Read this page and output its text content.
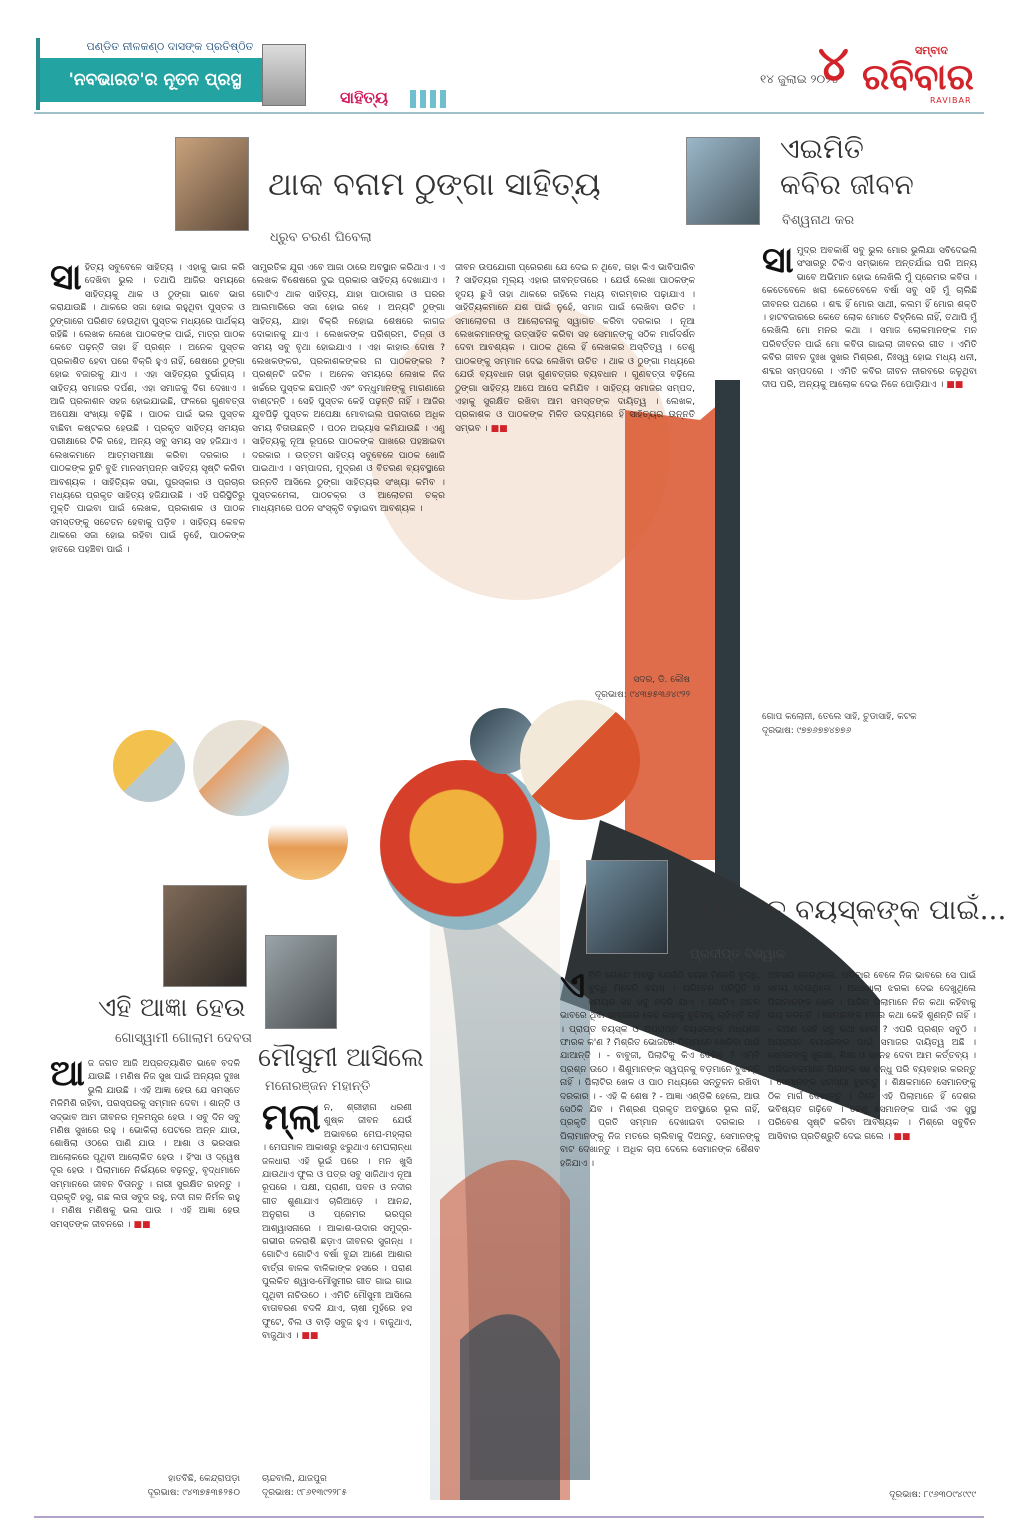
ପଣ୍ଡିତ ନୀଳକଣ୍ଠ ଦାସଙ୍କ ପ୍ରତିଷ୍ଠିତ
'ନବଭାରତ'ର ନୂତନ ପ୍ରସ୍ଥ
ସାହିତ୍ୟ
୧୪ ଜୁଲାଇ ୨୦୨୪
୪	ସମ୍ବାଦ
ରବିବାର
RAVIBAR
ଥାକ ବନାମ ଠୁଙ୍ଗା ସାହିତ୍ୟ
ଧ୍ରୁବ ଚରଣ ଘିବେଲା
ସାହିତ୍ୟ ସବୁବେଳେ ସାହିତ୍ୟ । ଏହାକୁ ଭାଗ କରି ଦେଖିବା ଭୁଲ । ତଥାପି ଆଜିର ସମୟରେ ସାହିତ୍ୟକୁ ଥାକ ଓ ଠୁଙ୍ଗା ଭାବେ ଭାଗ କରାଯାଉଛି । ଥାକରେ ସଜା ହୋଇ ରହୁଥିବା ପୁସ୍ତକ ଓ ଠୁଙ୍ଗାରେ ପରିଣତ ହେଉଥିବା ପୁସ୍ତକ ମଧ୍ୟରେ ପାର୍ଥକ୍ୟ ରହିଛି । ଲେଖକ ଲେଖେ ପାଠକଙ୍କ ପାଇଁ, ମାତ୍ର ପାଠକ କେତେ ପଢ଼ନ୍ତି ତାହା ହିଁ ପ୍ରଶ୍ନ । ଅନେକ ପୁସ୍ତକ ପ୍ରକାଶିତ ହେବା ପରେ ବିକ୍ରି ହୁଏ ନାହିଁ, ଶେଷରେ ଠୁଙ୍ଗା ହୋଇ ବଜାରକୁ ଯାଏ । ଏହା ସାହିତ୍ୟର ଦୁର୍ଭାଗ୍ୟ । ସାହିତ୍ୟ ସମାଜର ଦର୍ପଣ, ଏହା ସମାଜକୁ ଦିଗ ଦେଖାଏ । ଆଜି ପ୍ରକାଶନ ସହଜ ହୋଇଯାଇଛି, ଫଳରେ ଗୁଣବତ୍ତା ଅପେକ୍ଷା ସଂଖ୍ୟା ବଢ଼ିଛି । ପାଠକ ପାଇଁ ଭଲ ପୁସ୍ତକ ବାଛିବା କଷ୍ଟକର ହେଉଛି । ପ୍ରକୃତ ସାହିତ୍ୟ ସମୟର ପରୀକ୍ଷାରେ ଟିକି ରହେ, ଅନ୍ୟ ସବୁ ସମୟ ସହ ହଜିଯାଏ । ଲେଖକମାନେ ଆତ୍ମସମୀକ୍ଷା କରିବା ଦରକାର । ପାଠକଙ୍କ ରୁଚି ବୁଝି ମାନସମ୍ପନ୍ନ ସାହିତ୍ୟ ସୃଷ୍ଟି କରିବା ଆବଶ୍ୟକ । ସାହିତ୍ୟିକ ସଭା, ପୁରସ୍କାର ଓ ପ୍ରଚାର ମଧ୍ୟରେ ପ୍ରକୃତ ସାହିତ୍ୟ ହଜିଯାଉଛି । ଏହି ପରିସ୍ଥିତିରୁ ମୁକ୍ତି ପାଇବା ପାଇଁ ଲେଖକ, ପ୍ରକାଶକ ଓ ପାଠକ ସମସ୍ତଙ୍କୁ ସଚେତନ ହେବାକୁ ପଡ଼ିବ । ସାହିତ୍ୟ କେବଳ ଥାକରେ ସଜା ହୋଇ ରହିବା ପାଇଁ ନୁହେଁ, ପାଠକଙ୍କ ହାତରେ ପହଞ୍ଚିବା ପାଇଁ ।
ସାମ୍ପ୍ରତିକ ଯୁଗ ଏବେ ଆଜା ଠାରେ ଅବସ୍ଥାନ କରିଥାଏ । ଏ ଲେଖକ ବିଶେଷରେ ଦୁଇ ପ୍ରକାର ସାହିତ୍ୟ ଦେଖାଯାଏ । ଗୋଟିଏ ଥାକ ସାହିତ୍ୟ, ଯାହା ପାଠାଗାର ଓ ଘରର ଆଲମାରିରେ ସଜା ହୋଇ ରହେ । ଅନ୍ୟଟି ଠୁଙ୍ଗା ସାହିତ୍ୟ, ଯାହା ବିକ୍ରି ନହୋଇ ଶେଷରେ କାଗଜ ଦୋକାନକୁ ଯାଏ । ଲେଖକଙ୍କ ପରିଶ୍ରମ, ଚିନ୍ତା ଓ ସମୟ ସବୁ ବୃଥା ହୋଇଯାଏ । ଏହା କାହାର ଦୋଷ ? ଲେଖକଙ୍କର, ପ୍ରକାଶକଙ୍କର ନା ପାଠକଙ୍କର ? ପ୍ରଶ୍ନଟି ଜଟିଳ । ଅନେକ ସମୟରେ ଲେଖକ ନିଜ ଖର୍ଚ୍ଚରେ ପୁସ୍ତକ ଛପାନ୍ତି ଏବଂ ବନ୍ଧୁମାନଙ୍କୁ ମାଗଣାରେ ବାଣ୍ଟନ୍ତି । ସେହି ପୁସ୍ତକ କେହି ପଢ଼ନ୍ତି ନାହିଁ । ଆଜିର ଯୁବପିଢ଼ି ପୁସ୍ତକ ଅପେକ୍ଷା ମୋବାଇଲ ପରଦାରେ ଅଧିକ ସମୟ ବିତାଉଛନ୍ତି । ପଠନ ଅଭ୍ୟାସ କମିଯାଉଛି । ଏଣୁ ସାହିତ୍ୟକୁ ନୂଆ ରୂପରେ ପାଠକଙ୍କ ପାଖରେ ପହଞ୍ଚାଇବା ଦରକାର । ଉତ୍ତମ ସାହିତ୍ୟ ସବୁବେଳେ ପାଠକ ଖୋଜି ପାଇଥାଏ । ସମ୍ପାଦନା, ମୁଦ୍ରଣ ଓ ବିତରଣ ବ୍ୟବସ୍ଥାରେ ଉନ୍ନତି ଆସିଲେ ଠୁଙ୍ଗା ସାହିତ୍ୟର ସଂଖ୍ୟା କମିବ । ପୁସ୍ତକମେଳା, ପାଠଚକ୍ର ଓ ଆଲୋଚନା ଚକ୍ର ମାଧ୍ୟମରେ ପଠନ ସଂସ୍କୃତି ବଢ଼ାଇବା ଆବଶ୍ୟକ ।
ଜୀବନ ଉପଯୋଗୀ ପ୍ରେରଣା ଯେ ଦେଇ ନ ଥିବେ, ତାହା କିଏ ଭାବିପାରିବ ? ସାହିତ୍ୟର ମୂଲ୍ୟ ଏହାର ଜୀବନ୍ତତାରେ । ଯେଉଁ ଲେଖା ପାଠକଙ୍କ ହୃଦୟ ଛୁଏଁ ତାହା ଥାକରେ ରହିଲେ ମଧ୍ୟ ବାରମ୍ବାର ପଢ଼ାଯାଏ । ସାହିତ୍ୟିକମାନେ ଯଶ ପାଇଁ ନୁହେଁ, ସମାଜ ପାଇଁ ଲେଖିବା ଉଚିତ । ସମାଲୋଚନା ଓ ଆଲୋଚନାକୁ ସ୍ୱାଗତ କରିବା ଦରକାର । ନୂଆ ଲେଖକମାନଙ୍କୁ ଉତ୍ସାହିତ କରିବା ସହ ସେମାନଙ୍କୁ ସଠିକ ମାର୍ଗଦର୍ଶନ ଦେବା ଆବଶ୍ୟକ । ପାଠକ ଥିଲେ ହିଁ ଲେଖକର ଅସ୍ତିତ୍ୱ । ତେଣୁ ପାଠକଙ୍କୁ ସମ୍ମାନ ଦେଇ ଲେଖିବା ଉଚିତ । ଥାକ ଓ ଠୁଙ୍ଗା ମଧ୍ୟରେ ଯେଉଁ ବ୍ୟବଧାନ ତାହା ଗୁଣବତ୍ତାର ବ୍ୟବଧାନ । ଗୁଣବତ୍ତା ବଢ଼ିଲେ ଠୁଙ୍ଗା ସାହିତ୍ୟ ଆପେ ଆପେ କମିଯିବ । ସାହିତ୍ୟ ସମାଜର ସମ୍ପଦ, ଏହାକୁ ସୁରକ୍ଷିତ ରଖିବା ଆମ ସମସ୍ତଙ୍କ ଦାୟିତ୍ୱ । ଲେଖକ, ପ୍ରକାଶକ ଓ ପାଠକଙ୍କ ମିଳିତ ଉଦ୍ୟମରେ ହିଁ ସାହିତ୍ୟର ଉନ୍ନତି ସମ୍ଭବ । ■■
ସଦର, ଡି. କୌଷ
ଦୂରଭାଷ: ୯୪୩୭୫୩୬୪୯୨୨
ଏଇମିତି
କବିର ଜୀବନ
ବିଶ୍ୱନାଥ କର
ସାମୁଦ୍ର ଅବକାଶିଁ ସବୁ ଭୁଲ ମୋର ଭୁଲିଯା ସବିଦେଇଲି ସଂସାରରୁ ଟିକିଏ ସମ୍ଭାଳେ ଅନ୍ତର୍ଯାଇ ପରି ଅନ୍ୟ ଭାବେ ଅଭିମାନ ହୋଇ ଲେଖିଲି ମୁଁ ପ୍ରେମର କବିତା । କେତେବେଳେ ଖରା କେତେବେଳେ ବର୍ଷା ସବୁ ସହି ମୁଁ ଚାଲିଛି ଜୀବନର ପଥରେ । ଶବ୍ଦ ହିଁ ମୋର ସାଥୀ, କଲମ ହିଁ ମୋର ଶକ୍ତି । ହାଟବଜାରରେ କେତେ ଲୋକ ମୋତେ ଚିହ୍ନିଲେ ନାହିଁ, ତଥାପି ମୁଁ ଲେଖିଲି ମୋ ମନର କଥା । ସମାଜ ଲୋକମାନଙ୍କ ମନ ପରିବର୍ତ୍ତନ ପାଇଁ ମୋ କବିତା ଗାଇଲା ଜୀବନର ଗୀତ । ଏମିତି କବିର ଜୀବନ ଦୁଃଖ ସୁଖର ମିଶ୍ରଣ, ନିଃସ୍ୱ ହୋଇ ମଧ୍ୟ ଧନୀ, ଶବ୍ଦର ସମ୍ପଦରେ । ଏମିତି କବିର ଜୀବନ ନୀରବରେ ଜଳୁଥିବା ଦୀପ ପରି, ଅନ୍ୟକୁ ଆଲୋକ ଦେଇ ନିଜେ ପୋଡ଼ିଯାଏ । ■■
ଗୋପ କଲୋନୀ, ତେଲେ ସାହି, ଚୁଡାସାହି, କଟକ
ଦୂରଭାଷ: ୯୭୭୬୭୭୪୭୭୬
ଏହି ଆଜ୍ଞା ହେଉ
ଗୋସ୍ୱାମୀ ଗୋଲାମ ଦେବତା
ଆଜ ଜଗତ ଆଜି ଅପ୍ରତ୍ୟାଶିତ ଭାବେ ବଦଳି ଯାଉଛି । ମଣିଷ ନିଜ ସୁଖ ପାଇଁ ଅନ୍ୟର ଦୁଃଖ ଭୁଲି ଯାଉଛି । ଏହି ଆଜ୍ଞା ହେଉ ଯେ ସମସ୍ତେ ମିଳିମିଶି ରହିବା, ପରସ୍ପରକୁ ସମ୍ମାନ ଦେବା । ଶାନ୍ତି ଓ ସଦ୍ଭାବ ଆମ ଜୀବନର ମୂଳମନ୍ତ୍ର ହେଉ । ସବୁ ଦିନ ସବୁ ମଣିଷ ସୁଖରେ ରହୁ । ଭୋକିଲା ପେଟରେ ଅନ୍ନ ଯାଉ, ଶୋଷିଲା ଓଠରେ ପାଣି ଯାଉ । ଆଶା ଓ ଭରସାର ଆଲୋକରେ ପୃଥିବୀ ଆଲୋକିତ ହେଉ । ହିଂସା ଓ ଦ୍ୱେଷ ଦୂର ହେଉ । ପିଲାମାନେ ନିର୍ଭୟରେ ବଢ଼ନ୍ତୁ, ବୃଦ୍ଧମାନେ ସମ୍ମାନରେ ଜୀବନ ବିତାନ୍ତୁ । ନାରୀ ସୁରକ୍ଷିତ ରହନ୍ତୁ । ପ୍ରକୃତି ହସୁ, ଗଛ ଲତା ସବୁଜ ରହୁ, ନଦୀ ନାଳ ନିର୍ମଳ ରହୁ । ମଣିଷ ମଣିଷକୁ ଭଲ ପାଉ । ଏହି ଆଜ୍ଞା ହେଉ ସମସ୍ତଙ୍କ ଜୀବନରେ । ■■
ହାତବିଛି, କେନ୍ଦ୍ରାପଡ଼ା
ଦୂରଭାଷ: ୯୪୩୭୫୩୫୨୫୦
ମୌସୁମୀ ଆସିଲେ
ମନୋରଞ୍ଜନ ମହାନ୍ତି
ମ୍ଲା ନ, ଶ୍ରୀହୀନା ଧରଣୀ ଶୁଷ୍କ ଜୀବନ ଯେଉଁ ଅଭାବରେ ମେଘ-ମହ୍ଲାର । ମେଘମାଳ ଆକାଶରୁ ଝରୁଥାଏ ମେଘଲାନ୍ଧା ଜଳଧାରା ଏହି ଭୂଇଁ ପରେ । ମନ ଖୁସି ଯାଉଥାଏ ଫୁଲ ଓ ପତ୍ର ସବୁ ସାଜିଥାଏ ନୂଆ ରୂପରେ । ପକ୍ଷୀ, ପ୍ରାଣୀ, ପବନ ଓ ନଦୀର ଗୀତ ଶୁଣାଯାଏ ଚାରିଆଡ଼େ । ଆନନ୍ଦ, ଅନୁରାଗ ଓ ପ୍ରେମର ଭରପୂର ଆଶ୍ୱାସନାରେ । ଆକାଶ-ଉଦାର ସମୁଦ୍ର-ଗଭୀର ଜଳରାଶି ଛଡ଼ାଏ ଜୀବନର ସୁଗନ୍ଧ । ଗୋଟିଏ ଗୋଟିଏ ବର୍ଷା ବୁନ୍ଦା ଆଣେ ଆଶାର ବାର୍ତ୍ତା ବାଳକ ବାଳିକାଙ୍କ ହସରେ । ପରାଣ ପୁଲକିତ ଶ୍ୱାସ-ମୌସୁମୀର ଗୀତ ଗାଇ ଗାଇ ପୃଥିବୀ ନାଚିଉଠେ । ଏମିତି ମୌସୁମୀ ଆସିଲେ ବାତାବରଣ ବଦଳି ଯାଏ, ଚାଷୀ ମୁହଁରେ ହସ ଫୁଟେ, ବିଲ ଓ ବାଡ଼ି ସବୁଜ ହୁଏ । ବାଜୁଥାଏ, ବାଜୁଥାଏ । ■■
ଚାନ୍ଦବାଲି, ଯାଜପୁର
ଦୂରଭାଷ: ୯୮୬୧୩୯୨୨୮୫
ଅପ୍ରାପ୍ତ ବୟସ୍କଙ୍କ ପାଇଁ...
ପ୍ରଦୀପ୍ତ ବିଶ୍ୱାଳ
ଏମିତି ଗୋଟେ ଅବସ୍ଥା ଯେଉଁଠି ବୟସ ମିଳେନି ବୁଦ୍ଧି, ବୁଦ୍ଧି ମିଳେନି ବୟସ । ପରିବେଶ ପରିସ୍ଥିତି ଓ ସମୟର ସହ ସବୁ ବଦଳି ଯାଏ । ଗୋଟିଏ ଅଚଳ ଭାବରେ ଥିବା ସମାଜରେ କେହି କାହାକୁ ବୁଝିବାକୁ ଚାହାଁନ୍ତି ନାହିଁ । ପ୍ରାପ୍ତ ବୟସ୍କ ଓ ଅପ୍ରାପ୍ତ ବୟସ୍କଙ୍କ ମଧ୍ୟରେ ଫାରକ କ'ଣ ? ମିଶ୍ରିତ ଭୋଜରେ ପିଲାମାନେ ଖେଳିବା ପାଇଁ ଯାଆନ୍ତି । - ବାବୁଜୀ, ପିଲାଟିକୁ କିଏ ଦେଖିବ ? ଏମିତି ପ୍ରଶ୍ନ ଉଠେ । ଶିଶୁମାନଙ୍କ ସ୍ୱପ୍ନକୁ ବଡ଼ମାନେ ବୁଝନ୍ତି ନାହିଁ । ପିଲାଟିର ଖେଳ ଓ ପାଠ ମଧ୍ୟରେ ସନ୍ତୁଳନ ରଖିବା ଦରକାର । - ଏହି କି ଶେଷ ? - ଆଜ୍ଞା ଏଣ୍ଡିକି ହେଲେ, ଆଉ ସେଠିକି ଯିବ । ମିଶ୍ରଣ ପ୍ରକୃତ ଅବସ୍ଥାରେ ଭୂଲ ନାହିଁ, ପ୍ରକୃତି ପ୍ରତି ସମ୍ମାନ ଦେଖାଇବା ଦରକାର । ପିଲାମାନଙ୍କୁ ନିଜ ମତରେ ଚାଲିବାକୁ ଦିଅନ୍ତୁ, ସେମାନଙ୍କୁ ବାଟ ଦେଖାନ୍ତୁ । ଅଧିକ ଚାପ ଦେଲେ ସେମାନଙ୍କ ଶୈଶବ ହଜିଯାଏ ।
ଅବସର ନେଉଥିଲେ, ପରିବାର ବେଳେ ନିଜ ଭାବରେ ସେ ପାଇଁ ସମୟ ଦେଉଥିଲେ । ଅଧଖୋଲା ଝରକା ଦେଇ ଦେଖୁଥିଲେ ପିଲାମାନଙ୍କ ଖେଳ । ଆଜିର ପିଲାମାନେ ନିଜ କଥା କହିବାକୁ ଭୟ କରନ୍ତି । ସେମାନଙ୍କ ମନର କଥା କେହି ଶୁଣନ୍ତି ନାହିଁ । - କଅଣ ସେହି ସବୁ କଥା ହେଲା ? ଏପରି ପ୍ରଶ୍ନ ସବୁଠି । ଅପ୍ରାପ୍ତ ବୟସ୍କଙ୍କ ପାଇଁ ସମାଜର ଦାୟିତ୍ୱ ଅଛି । ସେମାନଙ୍କୁ ସୁରକ୍ଷା, ଶିକ୍ଷା ଓ ସ୍ନେହ ଦେବା ଆମ କର୍ତ୍ତବ୍ୟ । ଅଭିଭାବକମାନେ ପିଲାଙ୍କ ସହ ବନ୍ଧୁ ପରି ବ୍ୟବହାର କରନ୍ତୁ । ସେମାନଙ୍କ ସମସ୍ୟା ବୁଝନ୍ତୁ । ଶିକ୍ଷକମାନେ ସେମାନଙ୍କୁ ଠିକ ମାର୍ଗ ଦେଖାନ୍ତୁ । ଦିନେ ଏହି ପିଲାମାନେ ହିଁ ଦେଶର ଭବିଷ୍ୟତ ଗଢ଼ିବେ । ତେଣୁ ସେମାନଙ୍କ ପାଇଁ ଏକ ସୁସ୍ଥ ପରିବେଶ ସୃଷ୍ଟି କରିବା ଆବଶ୍ୟକ । ମିଶ୍ରେ ସବୁବିନ ଆସିବାର ପ୍ରତିଶ୍ରୁତି ଦେଇ ଗଲେ । ■■
ଦୂରଭାଷ: ୮୯୬୩୦୯୪୯୯୯
